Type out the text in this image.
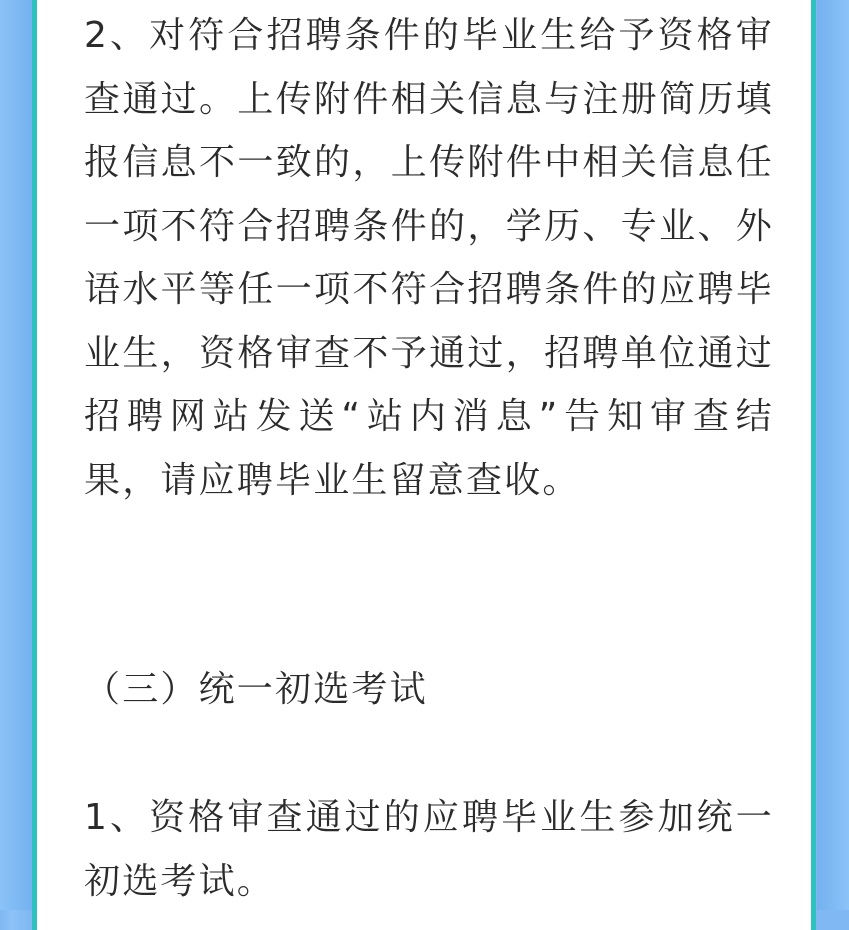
2、对符合招聘条件的毕业生给予资格审查通过。上传附件相关信息与注册简历填报信息不一致的，上传附件中相关信息任一项不符合招聘条件的，学历、专业、外语水平等任一项不符合招聘条件的应聘毕业生，资格审查不予通过，招聘单位通过招聘网站发送“站内消息”告知审查结果，请应聘毕业生留意查收。

（三）统一初选考试

1、资格审查通过的应聘毕业生参加统一初选考试。
